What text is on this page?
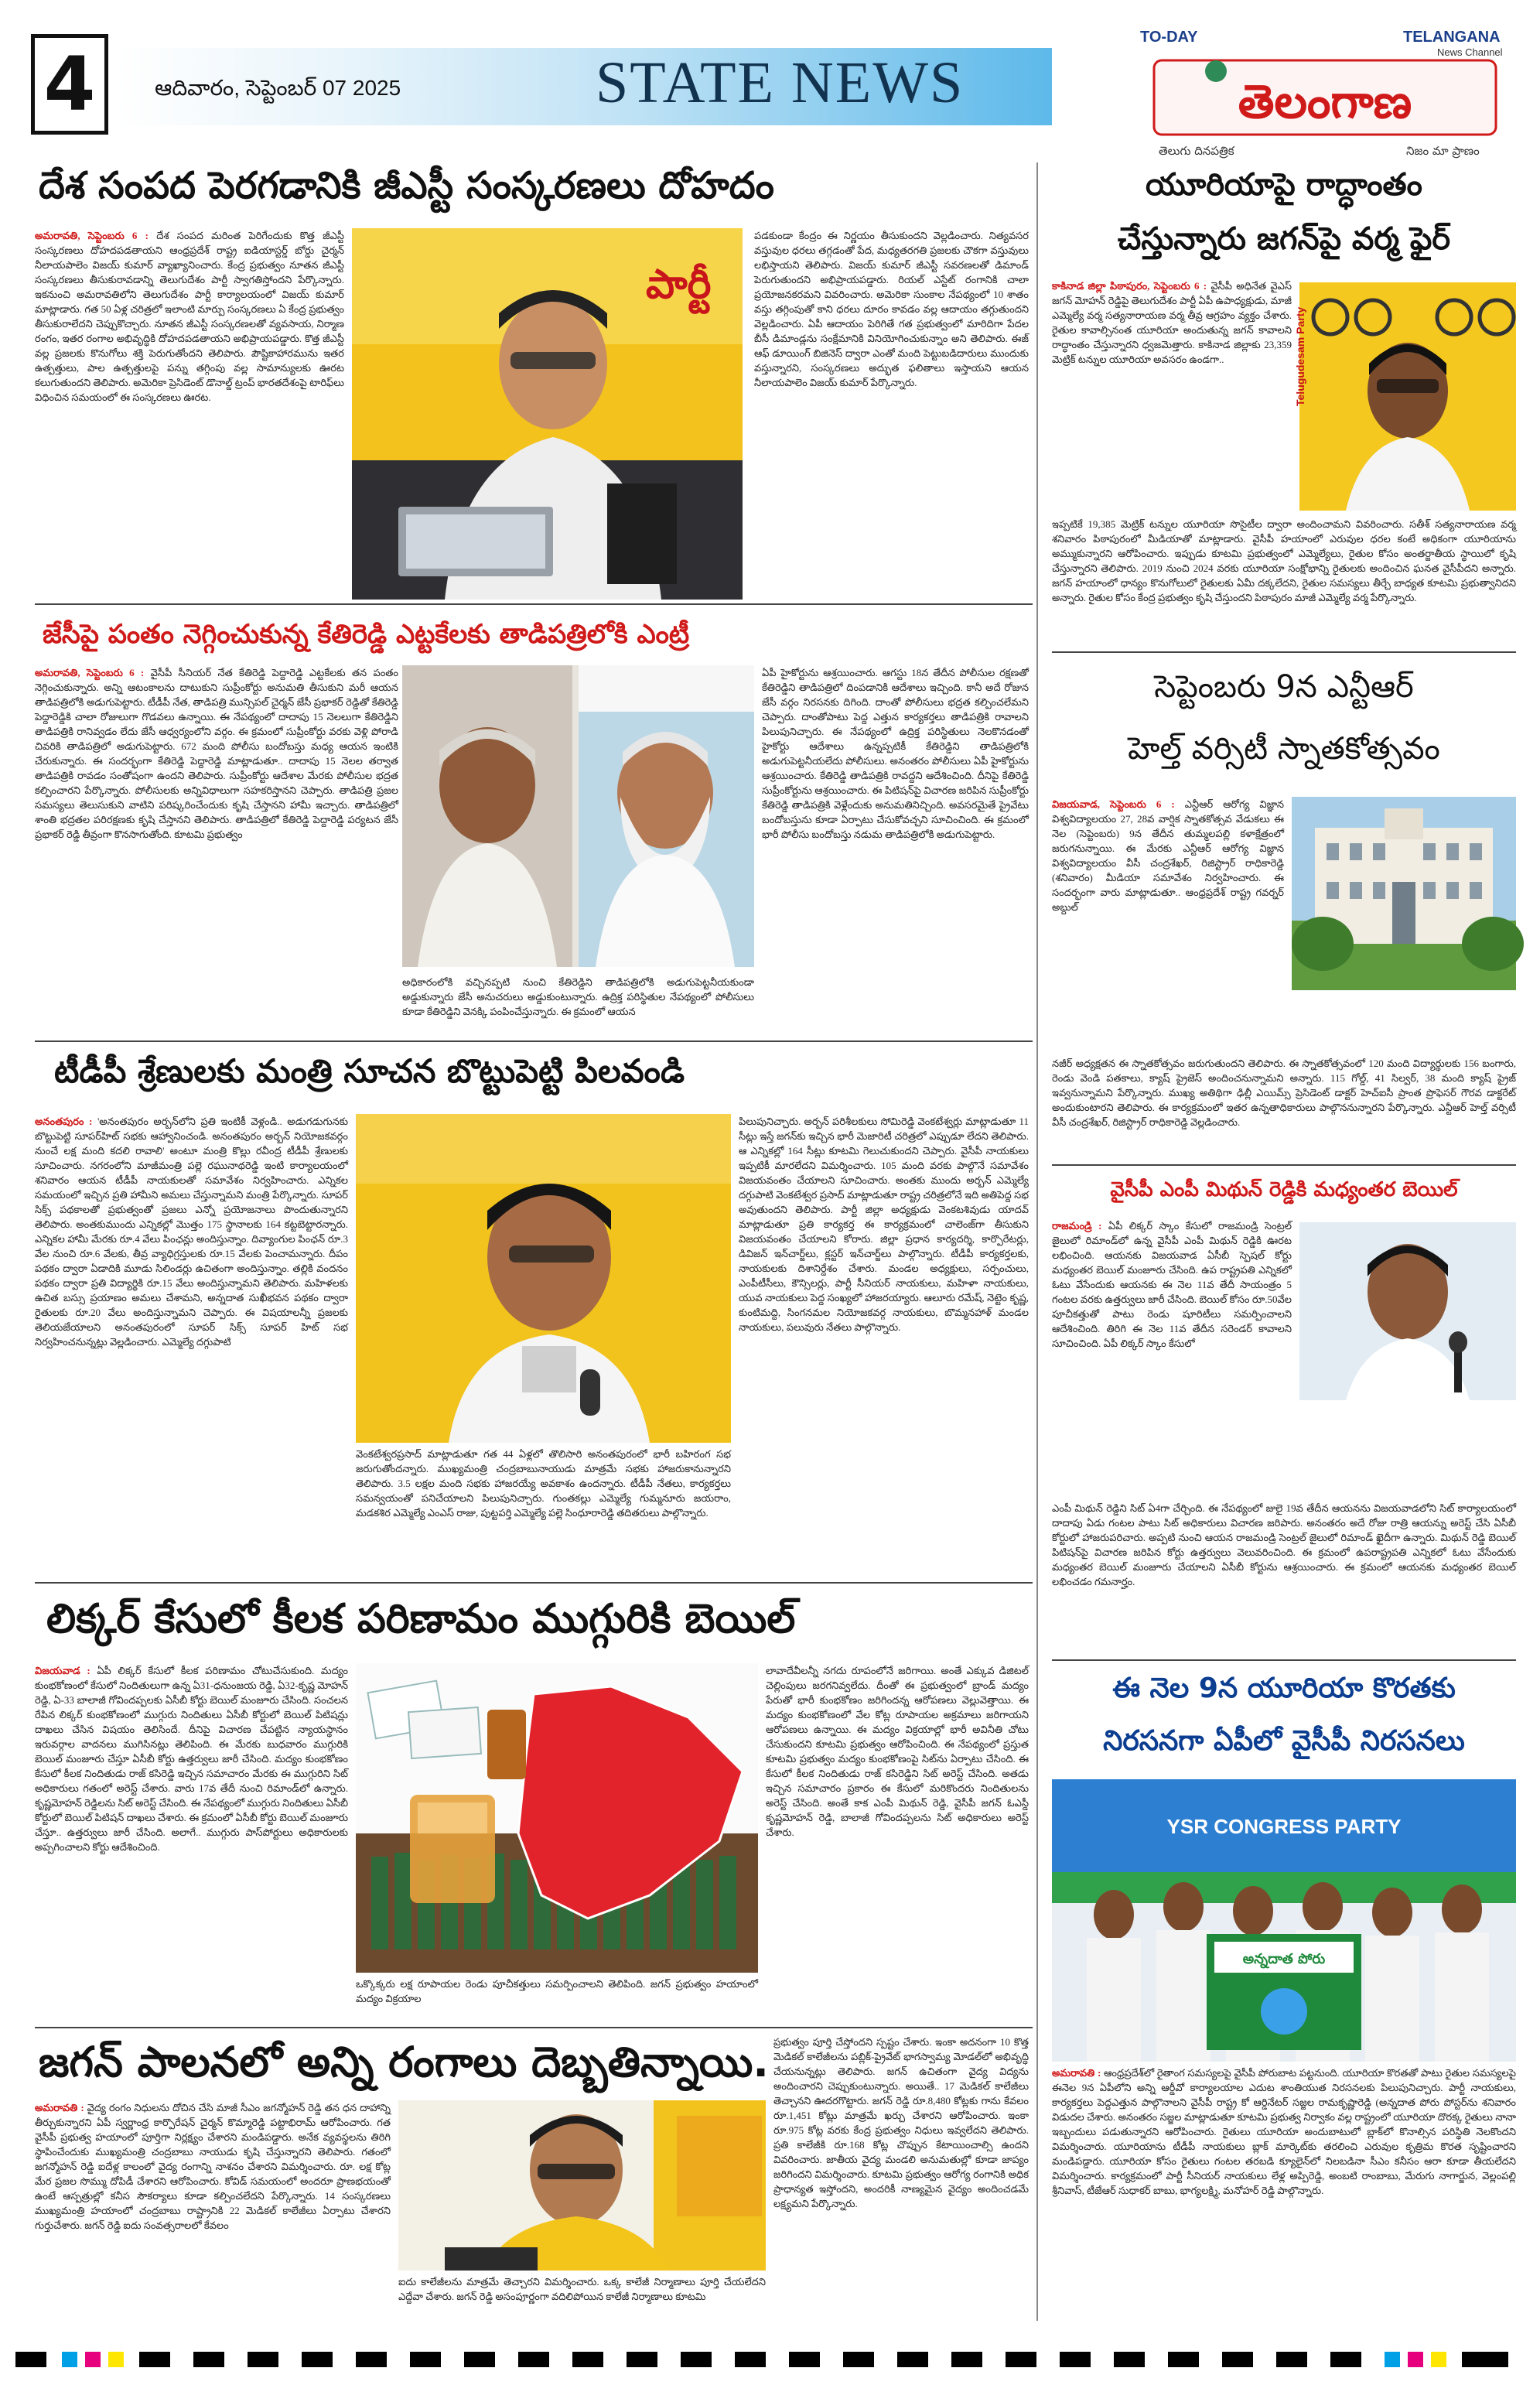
4	ఆదివారం, సెప్టెంబర్ 07 2025	STATE NEWS
TO-DAY	TELANGANA
News Channel
తెలంగాణ
తెలుగు దినపత్రిక	నిజం మా ప్రాణం
దేశ సంపద పెరగడానికి జీఎస్టీ సంస్కరణలు దోహదం
అమరావతి, సెప్టెంబరు 6 : దేశ సంపద మరింత పెరిగేందుకు కొత్త జీఎస్టీ సంస్కరణలు దోహదపడతాయని ఆంధ్రప్రదేశ్ రాష్ట్ర ఐడియాస్టర్డ్ బోర్డు చైర్మన్ నీలాయపాలెం విజయ్ కుమార్ వ్యాఖ్యానించారు. కేంద్ర ప్రభుత్వం నూతన జీఎస్టీ సంస్కరణలు తీసుకురావడాన్ని తెలుగుదేశం పార్టీ స్వాగతిస్తోందని పేర్కొన్నారు. ఇకనుంచి అమరావతిలోని తెలుగుదేశం పార్టీ కార్యాలయంలో విజయ్ కుమార్ మాట్లాడారు. గత 50 ఏళ్ల చరిత్రలో ఇలాంటి మార్పు సంస్కరణలు ఏ కేంద్ర ప్రభుత్వం తీసుకురాలేదని చెప్పుకొచ్చారు. నూతన జీఎస్టీ సంస్కరణలతో వ్యవసాయ, నిర్మాణ రంగం, ఇతర రంగాల అభివృద్ధికి దోహదపడతాయని అభిప్రాయపడ్డారు. కొత్త జీఎస్టీ వల్ల ప్రజలకు కొనుగోలు శక్తి పెరుగుతోందని తెలిపారు. పౌష్టికాహారమును ఇతర ఉత్పత్తులు, పాల ఉత్పత్తులపై పన్ను తగ్గింపు వల్ల సామాన్యులకు ఊరట కలుగుతుందని తెలిపారు. అమెరికా ప్రెసిడెంట్ డొనాల్డ్ ట్రంప్ భారతదేశంపై టారిఫ్‌లు విధించిన సమయంలో ఈ సంస్కరణలు ఊరట.
పార్టీ
పడకుండా కేంద్రం ఈ నిర్ణయం తీసుకుందని వెల్లడించారు. నిత్యవసర వస్తువుల ధరలు తగ్గడంతో పేద, మధ్యతరగతి ప్రజలకు చౌకగా వస్తువులు లభిస్తాయని తెలిపారు. విజయ్ కుమార్ జీఎస్టీ సవరణలతో డిమాండ్ పెరుగుతుందని అభిప్రాయపడ్డారు. రియల్ ఎస్టేట్ రంగానికి చాలా ప్రయోజనకరమని వివరించారు. అమెరికా సుంకాల నేపథ్యంలో 10 శాతం వస్తు తగ్గింపుతో కాని ధరలు దూరం కావడం వల్ల ఆదాయం తగ్గుతుందని వెల్లడించారు. ఏపీ ఆదాయం పెరిగితే గత ప్రభుత్వంలో మారిదిగా పేదల బీసీ డిమాండ్లను సంక్షేమానికి వినియోగించుకున్నాం అని తెలిపారు. ఈజ్ ఆఫ్ డూయింగ్ బిజినెస్ ద్వారా ఎంతో మంది పెట్టుబడిదారులు ముందుకు వస్తున్నారని, సంస్కరణలు అద్భుత ఫలితాలు ఇస్తాయని ఆయన నీలాయపాలెం విజయ్ కుమార్ పేర్కొన్నారు.
జేసీపై పంతం నెగ్గించుకున్న కేతిరెడ్డి ఎట్టకేలకు తాడిపత్రిలోకి ఎంట్రీ
అమరావతి, సెప్టెంబరు 6 : వైసీపీ సీనియర్ నేత కేతిరెడ్డి పెద్దారెడ్డి ఎట్టకేలకు తన పంతం నెగ్గించుకున్నారు. అన్ని ఆటంకాలను దాటుకుని సుప్రీంకోర్టు అనుమతి తీసుకుని మరీ ఆయన తాడిపత్రిలోకి అడుగుపెట్టారు. టీడీపీ నేత, తాడిపత్రి మున్సిపల్ చైర్మన్ జేసీ ప్రభాకర్ రెడ్డితో కేతిరెడ్డి పెద్దారెడ్డికి చాలా రోజులుగా గొడవలు ఉన్నాయి. ఈ నేపథ్యంలో దాదాపు 15 నెలలుగా కేతిరెడ్డిని తాడిపత్రికి రానివ్వడం లేదు జేసీ ఆధ్వర్యంలోని వర్గం. ఈ క్రమంలో సుప్రీంకోర్టు వరకు వెళ్లి పోరాడి చివరికి తాడిపత్రిలో అడుగుపెట్టారు. 672 మంది పోలీసు బందోబస్తు మధ్య ఆయన ఇంటికి చేరుకున్నారు. ఈ సందర్భంగా కేతిరెడ్డి పెద్దారెడ్డి మాట్లాడుతూ.. దాదాపు 15 నెలల తర్వాత తాడిపత్రికి రావడం సంతోషంగా ఉందని తెలిపారు. సుప్రీంకోర్టు ఆదేశాల మేరకు పోలీసుల భద్రత కల్పించారని పేర్కొన్నారు. పోలీసులకు అన్నివిధాలుగా సహకరిస్తానని చెప్పారు. తాడిపత్రి ప్రజల సమస్యలు తెలుసుకుని వాటిని పరిష్కరించేందుకు కృషి చేస్తానని హామీ ఇచ్చారు. తాడిపత్రిలో శాంతి భద్రతల పరిరక్షణకు కృషి చేస్తానని తెలిపారు. తాడిపత్రిలో కేతిరెడ్డి పెద్దారెడ్డి పర్యటన జేసీ ప్రభాకర్ రెడ్డి తీవ్రంగా కొనసాగుతోంది. కూటమి ప్రభుత్వం
అధికారంలోకి వచ్చినప్పటి నుంచి కేతిరెడ్డిని తాడిపత్రిలోకి అడుగుపెట్టనీయకుండా అడ్డుకున్నారు జేసీ అనుచరులు అడ్డుకుంటున్నారు. ఉద్రిక్త పరిస్థితుల నేపథ్యంలో పోలీసులు కూడా కేతిరెడ్డిని వెనక్కి పంపించేస్తున్నారు. ఈ క్రమంలో ఆయన
ఏపీ హైకోర్టును ఆశ్రయించారు. ఆగస్టు 18న తేదీన పోలీసుల రక్షణతో కేతిరెడ్డిని తాడిపత్రిలో దింపడానికి ఆదేశాలు ఇచ్చింది. కానీ అదే రోజున జేసీ వర్గం నిరసనకు దిగింది. దాంతో పోలీసులు భద్రత కల్పించలేమని చెప్పారు. దాంతోపాటు పెద్ద ఎత్తున కార్యకర్తలు తాడిపత్రికి రావాలని పిలుపునిచ్చారు. ఈ నేపథ్యంలో ఉద్రిక్త పరిస్థితులు నెలకొనడంతో హైకోర్టు ఆదేశాలు ఉన్నప్పటికీ కేతిరెడ్డిని తాడిపత్రిలోకి అడుగుపెట్టనీయలేదు పోలీసులు. అనంతరం పోలీసులు ఏపీ హైకోర్టును ఆశ్రయించారు. కేతిరెడ్డి తాడిపత్రికి రావద్దని ఆదేశించింది. దీనిపై కేతిరెడ్డి సుప్రీంకోర్టును ఆశ్రయించారు. ఈ పిటిషన్‌పై విచారణ జరిపిన సుప్రీంకోర్టు కేతిరెడ్డి తాడిపత్రికి వెళ్లేందుకు అనుమతినిచ్చింది. అవసరమైతే ప్రైవేటు బందోబస్తును కూడా ఏర్పాటు చేసుకోవచ్చని సూచించింది. ఈ క్రమంలో భారీ పోలీసు బందోబస్తు నడుమ తాడిపత్రిలోకి అడుగుపెట్టారు.
టీడీపీ శ్రేణులకు మంత్రి సూచన బొట్టుపెట్టి పిలవండి
అనంతపురం : 'అనంతపురం అర్బన్‌లోని ప్రతి ఇంటికీ వెళ్లండి.. అడుగడుగునకు బొట్టుపెట్టి సూపర్‌హిట్ సభకు ఆహ్వానించండి. అనంతపురం అర్బన్ నియోజకవర్గం నుంచే లక్ష మంది కదలి రావాలి' అంటూ మంత్రి కొల్లు రవీంద్ర టీడీపీ శ్రేణులకు సూచించారు. నగరంలోని మాజీమంత్రి పల్లె రఘునాథరెడ్డి ఇంటి కార్యాలయంలో శనివారం ఆయన టీడీపీ నాయకులతో సమావేశం నిర్వహించారు. ఎన్నికల సమయంలో ఇచ్చిన ప్రతి హామీని అమలు చేస్తున్నామని మంత్రి పేర్కొన్నారు. సూపర్ సిక్స్ పథకాలతో ప్రభుత్వంతో ప్రజలు ఎన్నో ప్రయోజనాలు పొందుతున్నారని తెలిపారు. అంతకుముందు ఎన్నికల్లో మొత్తం 175 స్థానాలకు 164 కట్టబెట్టారన్నారు. ఎన్నికల హామీ మేరకు రూ.4 వేలు పింఛన్లు అందిస్తున్నాం. దివ్యాంగుల పింఛన్ రూ.3 వేల నుంచి రూ.6 వేలకు, తీవ్ర వ్యాధిగ్రస్తులకు రూ.15 వేలకు పెంచామన్నారు. దీపం పథకం ద్వారా ఏడాదికి మూడు సిలిండర్లు ఉచితంగా అందిస్తున్నాం. తల్లికి వందనం పథకం ద్వారా ప్రతి విద్యార్థికి రూ.15 వేలు అందిస్తున్నామని తెలిపారు. మహిళలకు ఉచిత బస్సు ప్రయాణం అమలు చేశామని, అన్నదాత సుఖీభవన పథకం ద్వారా రైతులకు రూ.20 వేలు అందిస్తున్నామని చెప్పారు. ఈ విషయాలన్నీ ప్రజలకు తెలియజేయాలని అనంతపురంలో సూపర్ సిక్స్ సూపర్ హిట్ సభ నిర్వహించనున్నట్లు వెల్లడించారు. ఎమ్మెల్యే దగ్గుపాటి
వెంకటేశ్వరప్రసాద్ మాట్లాడుతూ గత 44 ఏళ్లలో తొలిసారి అనంతపురంలో భారీ బహిరంగ సభ జరుగుతోందన్నారు. ముఖ్యమంత్రి చంద్రబాబునాయుడు మాత్రమే సభకు హాజరుకానున్నారని తెలిపారు. 3.5 లక్షల మంది సభకు హాజరయ్యే అవకాశం ఉందన్నారు. టీడీపీ నేతలు, కార్యకర్తలు సమన్వయంతో పనిచేయాలని పిలుపునిచ్చారు. గుంతకల్లు ఎమ్మెల్యే గుమ్మనూరు జయరాం, మడకశిర ఎమ్మెల్యే ఎంఎస్ రాజు, పుట్టపర్తి ఎమ్మెల్యే పల్లె సింధూరారెడ్డి తదితరులు పాల్గొన్నారు.
పిలుపునిచ్చారు. అర్బన్ పరిశీలకులు సోమిరెడ్డి వెంకటేశ్వర్లు మాట్లాడుతూ 11 సీట్లు ఇస్తే జగన్‌కు ఇచ్చిన భారీ మెజారిటీ చరిత్రలో ఎప్పుడూ లేదని తెలిపారు. ఆ ఎన్నికల్లో 164 సీట్లు కూటమి గెలుచుకుందని చెప్పారు. వైసీపీ నాయకులు ఇప్పటికీ మారలేదని విమర్శించారు. 105 మంది వరకు పాల్గొనే సమావేశం విజయవంతం చేయాలని సూచించారు. అంతకు ముందు అర్బన్ ఎమ్మెల్యే దగ్గుపాటి వెంకటేశ్వర ప్రసాద్ మాట్లాడుతూ రాష్ట్ర చరిత్రలోనే ఇది అతిపెద్ద సభ అవుతుందని తెలిపారు. పార్టీ జిల్లా అధ్యక్షుడు వెంకటశివుడు యాదవ్ మాట్లాడుతూ ప్రతి కార్యకర్త ఈ కార్యక్రమంలో చాలెంజ్‌గా తీసుకుని విజయవంతం చేయాలని కోరారు. జిల్లా ప్రధాన కార్యదర్శి, కార్పొరేటర్లు, డివిజన్ ఇన్‌చార్జ్‌లు, క్లస్టర్ ఇన్‌చార్జ్‌లు పాల్గొన్నారు. టీడీపీ కార్యకర్తలకు, నాయకులకు దిశానిర్దేశం చేశారు. మండల అధ్యక్షులు, సర్పంచులు, ఎంపీటీసీలు, కౌన్సిలర్లు, పార్టీ సీనియర్ నాయకులు, మహిళా నాయకులు, యువ నాయకులు పెద్ద సంఖ్యలో హాజరయ్యారు. ఆలూరు రమేష్, నెట్టెం కృష్ణ, కుంటిమద్ది, సింగనమల నియోజకవర్గ నాయకులు, బొమ్మనహాళ్ మండల నాయకులు, పలువురు నేతలు పాల్గొన్నారు.
లిక్కర్ కేసులో కీలక పరిణామం ముగ్గురికి బెయిల్
విజయవాడ : ఏపీ లిక్కర్ కేసులో కీలక పరిణామం చోటుచేసుకుంది. మద్యం కుంభకోణంలో కేసులో నిందితులుగా ఉన్న ఏ31-ధనుంజయ రెడ్డి, ఏ32-కృష్ణ మోహన్ రెడ్డి, ఏ-33 బాలాజీ గోవిందప్పలకు ఏసీబీ కోర్టు బెయిల్ మంజూరు చేసింది. సంచలన రేపిన లిక్కర్ కుంభకోణంలో ముగ్గురు నిందితులు ఏసీబీ కోర్టులో బెయిల్ పిటిషన్లు దాఖలు చేసిన విషయం తెలిసిందే. దీనిపై విచారణ చేపట్టిన న్యాయస్థానం ఇరువర్గాల వాదనలు ముగిసినట్లు తెలిపింది. ఈ మేరకు బుధవారం ముగ్గురికి బెయిల్ మంజూరు చేస్తూ ఏసీబీ కోర్టు ఉత్తర్వులు జారీ చేసింది. మద్యం కుంభకోణం కేసులో కీలక నిందితుడు రాజ్ కసిరెడ్డి ఇచ్చిన సమాచారం మేరకు ఈ ముగ్గురిని సిట్ అధికారులు గతంలో అరెస్ట్ చేశారు. వారు 17వ తేదీ నుంచి రిమాండ్‌లో ఉన్నారు. కృష్ణమోహన్ రెడ్డిలను సిట్ అరెస్ట్ చేసింది. ఈ నేపథ్యంలో ముగ్గురు నిందితులు ఏసీబీ కోర్టులో బెయిల్ పిటిషన్ దాఖలు చేశారు. ఈ క్రమంలో ఏసీబీ కోర్టు బెయిల్ మంజూరు చేస్తూ.. ఉత్తర్వులు జారీ చేసింది. అలాగే.. ముగ్గురు పాస్‌పోర్టులు అధికారులకు అప్పగించాలని కోర్టు ఆదేశించింది.
ఒక్కొక్కరు లక్ష రూపాయల రెండు పూచీకత్తులు సమర్పించాలని తెలిపింది. జగన్ ప్రభుత్వం హయాంలో మద్యం విక్రయాల
లావాదేవీలన్నీ నగదు రూపంలోనే జరిగాయి. అంతే ఎక్కువ డిజిటల్ చెల్లింపులు జరగనివ్వలేదు. దీంతో ఈ ప్రభుత్వంలో బ్రాండ్ మద్యం పేరుతో భారీ కుంభకోణం జరిగిందన్న ఆరోపణలు వెల్లువెత్తాయి. ఈ మద్యం కుంభకోణంలో వేల కోట్ల రూపాయల అక్రమాలు జరిగాయని ఆరోపణలు ఉన్నాయి. ఈ మద్యం విక్రయాల్లో భారీ అవినీతి చోటు చేసుకుందని కూటమి ప్రభుత్వం ఆరోపించింది. ఈ నేపథ్యంలో ప్రస్తుత కూటమి ప్రభుత్వం మద్యం కుంభకోణంపై సిట్‌ను ఏర్పాటు చేసింది. ఈ కేసులో కీలక నిందితుడు రాజ్ కసిరెడ్డిని సిట్ అరెస్ట్ చేసింది. అతడు ఇచ్చిన సమాచారం ప్రకారం ఈ కేసులో మరికొందరు నిందితులను అరెస్ట్ చేసింది. అంతే కాక ఎంపీ మిథున్ రెడ్డి, వైసీపీ జగన్ ఓఎస్డీ కృష్ణమోహన్ రెడ్డి, బాలాజీ గోవిందప్పలను సిట్ అధికారులు అరెస్ట్ చేశారు.
జగన్ పాలనలో అన్ని రంగాలు దెబ్బతిన్నాయి.
అమరావతి : వైద్య రంగం నిధులను దోచిన చేసి మాజీ సీఎం జగన్మోహన్ రెడ్డి తన ధన దాహాన్ని తీర్చుకున్నారని ఏపీ స్వర్ణాంధ్ర కార్పొరేషన్ చైర్మన్ కొమ్మారెడ్డి పట్టాభిరామ్ ఆరోపించారు. గత వైసీపీ ప్రభుత్వ హయాంలో పూర్తిగా నిర్లక్ష్యం చేశారని మండిపడ్డారు. అనేక వ్యవస్థలను తిరిగి స్థాపించేందుకు ముఖ్యమంత్రి చంద్రబాబు నాయుడు కృషి చేస్తున్నారని తెలిపారు. గతంలో జగన్మోహన్ రెడ్డి ఐదేళ్ల కాలంలో వైద్య రంగాన్ని నాశనం చేశారని విమర్శించారు. రూ. లక్ష కోట్ల మేర ప్రజల సొమ్ము దోపిడీ చేశారని ఆరోపించారు. కోవిడ్ సమయంలో అందరూ ప్రాణభయంతో ఉంటే ఆస్పత్రుల్లో కనీస సౌకర్యాలు కూడా కల్పించలేదని పేర్కొన్నారు. 14 సంస్కరణలు ముఖ్యమంత్రి హయాంలో చంద్రబాబు రాష్ట్రానికి 22 మెడికల్ కాలేజీలు ఏర్పాటు చేశారని గుర్తుచేశారు. జగన్ రెడ్డి ఐదు సంవత్సరాలలో కేవలం
ఐదు కాలేజీలను మాత్రమే తెచ్చారని విమర్శించారు. ఒక్క కాలేజీ నిర్మాణాలు పూర్తి చేయలేదని ఎద్దేవా చేశారు. జగన్ రెడ్డి అసంపూర్ణంగా వదిలిపోయిన కాలేజీ నిర్మాణాలు కూటమి
ప్రభుత్వం పూర్తి చేస్తోందని స్పష్టం చేశారు. ఇంకా అదనంగా 10 కొత్త మెడికల్ కాలేజీలను పబ్లిక్-ప్రైవేట్ భాగస్వామ్య మోడల్‌లో అభివృద్ధి చేయనున్నట్లు తెలిపారు. జగన్ ఉచితంగా వైద్య విద్యను అందించారని చెప్పుకుంటున్నారు. అయితే.. 17 మెడికల్ కాలేజీలు తెచ్చానని ఊదరగొట్టారు. జగన్ రెడ్డి రూ.8,480 కోట్లకు గాను కేవలం రూ.1,451 కోట్లు మాత్రమే ఖర్చు చేశారని ఆరోపించారు. ఇంకా రూ.975 కోట్ల వరకు కేంద్ర ప్రభుత్వం నిధులు ఇవ్వలేదని తెలిపారు. ప్రతి కాలేజీకి రూ.168 కోట్ల చొప్పున కేటాయించాల్సి ఉందని వివరించారు. జాతీయ వైద్య మండలి అనుమతుల్లో కూడా జాప్యం జరిగిందని విమర్శించారు. కూటమి ప్రభుత్వం ఆరోగ్య రంగానికి అధిక ప్రాధాన్యత ఇస్తోందని, అందరికీ నాణ్యమైన వైద్యం అందించడమే లక్ష్యమని పేర్కొన్నారు.
యూరియాపై రాద్ధాంతం
చేస్తున్నారు జగన్‌పై వర్మ ఫైర్
కాకినాడ జిల్లా పిఠాపురం, సెప్టెంబరు 6 : వైసీపీ అధినేత వైఎస్ జగన్ మోహన్ రెడ్డిపై తెలుగుదేశం పార్టీ ఏపీ ఉపాధ్యక్షుడు, మాజీ ఎమ్మెల్యే వర్మ సత్యనారాయణ వర్మ తీవ్ర ఆగ్రహం వ్యక్తం చేశారు. రైతుల కావాల్సినంత యూరియా అందుతున్న జగన్ కావాలని రాద్ధాంతం చేస్తున్నారని ధ్వజమెత్తారు. కాకినాడ జిల్లాకు 23,359 మెట్రిక్ టన్నుల యూరియా అవసరం ఉండగా..	Telugudesam Party
ఇప్పటికే 19,385 మెట్రిక్ టన్నుల యూరియా సొసైటీల ద్వారా అందించామని వివరించారు. సతీశ్ సత్యనారాయణ వర్మ శనివారం పిఠాపురంలో మీడియాతో మాట్లాడారు. వైసీపీ హయాంలో ఎరువుల ధరల కంటే అధికంగా యూరియాను అమ్ముకున్నారని ఆరోపించారు. ఇప్పుడు కూటమి ప్రభుత్వంలో ఎమ్మెల్యేలు, రైతుల కోసం అంతర్జాతీయ స్థాయిలో కృషి చేస్తున్నారని తెలిపారు. 2019 నుంచి 2024 వరకు యూరియా సంక్షోభాన్ని రైతులకు అందించిన ఘనత వైసీపీదని అన్నారు. జగన్ హయాంలో ధాన్యం కొనుగోలులో రైతులకు ఏమీ దక్కలేదని, రైతుల సమస్యలు తీర్చే బాధ్యత కూటమి ప్రభుత్వానిదని అన్నారు. రైతుల కోసం కేంద్ర ప్రభుత్వం కృషి చేస్తుందని పిఠాపురం మాజీ ఎమ్మెల్యే వర్మ పేర్కొన్నారు.
సెప్టెంబరు 9న ఎన్టీఆర్
హెల్త్ వర్సిటీ స్నాతకోత్సవం
విజయవాడ, సెప్టెంబరు 6 : ఎన్టీఆర్ ఆరోగ్య విజ్ఞాన విశ్వవిద్యాలయం 27, 28వ వార్షిక స్నాతకోత్సవ వేడుకలు ఈ నెల (సెప్టెంబరు) 9న తేదీన తుమ్మలపల్లి కళాక్షేత్రంలో జరుగనున్నాయి. ఈ మేరకు ఎన్టీఆర్ ఆరోగ్య విజ్ఞాన విశ్వవిద్యాలయం వీసీ చంద్రశేఖర్, రిజిస్ట్రార్ రాధికారెడ్డి (శనివారం) మీడియా సమావేశం నిర్వహించారు. ఈ సందర్భంగా వారు మాట్లాడుతూ.. ఆంధ్రప్రదేశ్ రాష్ట్ర గవర్నర్ అబ్దుల్
నజీర్ అధ్యక్షతన ఈ స్నాతకోత్సవం జరుగుతుందని తెలిపారు. ఈ స్నాతకోత్సవంలో 120 మంది విద్యార్థులకు 156 బంగారు, రెండు వెండి పతకాలు, క్యాష్ ప్రైజెస్ అందించనున్నామని అన్నారు. 115 గోల్డ్, 41 సిల్వర్, 38 మంది క్యాష్ ప్రైజ్ ఇవ్వనున్నామని పేర్కొన్నారు. ముఖ్య అతిథిగా ఢిల్లీ ఎయిమ్స్ ప్రెసిడెంట్ డాక్టర్ హెచ్ఐసీ ప్రాంత ప్రొఫెసర్ గౌరవ డాక్టరేట్ అందుకుంటారని తెలిపారు. ఈ కార్యక్రమంలో ఇతర ఉన్నతాధికారులు పాల్గొననున్నారని పేర్కొన్నారు. ఎన్టీఆర్ హెల్త్ వర్సిటీ వీసీ చంద్రశేఖర్, రిజిస్ట్రార్ రాధికారెడ్డి వెల్లడించారు.
వైసీపీ ఎంపీ మిథున్ రెడ్డికి మధ్యంతర బెయిల్
రాజమండ్రి : ఏపీ లిక్కర్ స్కాం కేసులో రాజమండ్రి సెంట్రల్ జైలులో రిమాండ్‌లో ఉన్న వైసీపీ ఎంపీ మిథున్ రెడ్డికి ఊరట లభించింది. ఆయనకు విజయవాడ ఏసీబీ స్పెషల్ కోర్టు మధ్యంతర బెయిల్ మంజూరు చేసింది. ఉప రాష్ట్రపతి ఎన్నికలో ఓటు వేసేందుకు ఆయనకు ఈ నెల 11వ తేదీ సాయంత్రం 5 గంటల వరకు ఉత్తర్వులు జారీ చేసింది. బెయిల్ కోసం రూ.50వేల పూచీకత్తుతో పాటు రెండు షూరిటీలు సమర్పించాలని ఆదేశించింది. తిరిగి ఈ నెల 11వ తేదీన సరెండర్ కావాలని సూచించింది. ఏపీ లిక్కర్ స్కాం కేసులో
ఎంపీ మిథున్ రెడ్డిని సిట్ ఏ4గా చేర్చింది. ఈ నేపథ్యంలో జులై 19వ తేదీన ఆయనను విజయవాడలోని సిట్ కార్యాలయంలో దాదాపు ఏడు గంటల పాటు సిట్ అధికారులు విచారణ జరిపారు. అనంతరం అదే రోజు రాత్రి ఆయన్ను అరెస్ట్ చేసి ఏసీబీ కోర్టులో హాజరుపరిచారు. అప్పటి నుంచి ఆయన రాజమండ్రి సెంట్రల్ జైలులో రిమాండ్ ఖైదీగా ఉన్నారు. మిథున్ రెడ్డి బెయిల్ పిటిషన్‌పై విచారణ జరిపిన కోర్టు ఉత్తర్వులు వెలువరించింది. ఈ క్రమంలో ఉపరాష్ట్రపతి ఎన్నికలో ఓటు వేసేందుకు మధ్యంతర బెయిల్ మంజూరు చేయాలని ఏసీబీ కోర్టును ఆశ్రయించారు. ఈ క్రమంలో ఆయనకు మధ్యంతర బెయిల్ లభించడం గమనార్హం.
ఈ నెల 9న యూరియా కొరతకు
నిరసనగా ఏపీలో వైసీపీ నిరసనలు
YSR CONGRESS PARTY
అన్నదాత పోరు
అమరావతి : ఆంధ్రప్రదేశ్‌లో రైతాంగ సమస్యలపై వైసీపీ పోరుబాట పట్టనుంది. యూరియా కొరతతో పాటు రైతుల సమస్యలపై ఈనెల 9న ఏపీలోని అన్ని ఆర్డీవో కార్యాలయాల ఎదుట శాంతియుత నిరసనలకు పిలుపునిచ్చారు. పార్టీ నాయకులు, కార్యకర్తలు పెద్దఎత్తున పాల్గొనాలని వైసీపీ రాష్ట్ర కో ఆర్డినేటర్ సజ్జల రామకృష్ణారెడ్డి (అన్నదాత పోరు పోస్టర్‌ను శనివారం విడుదల చేశారు. అనంతరం సజ్జల మాట్లాడుతూ కూటమి ప్రభుత్వ నిర్వాకం వల్ల రాష్ట్రంలో యూరియా దొరక్క రైతులు నానా ఇబ్బందులు పడుతున్నారని ఆరోపించారు. రైతులు యూరియా అందుబాటులో బ్లాక్‌లో కొనాల్సిన పరిస్థితి నెలకొందని విమర్శించారు. యూరియాను టీడీపీ నాయకులు బ్లాక్ మార్కెట్‌కు తరలించి ఎరువుల కృత్రిమ కొరత సృష్టించారని మండిపడ్డారు. యూరియా కోసం రైతులు గంటల తరబడి క్యూలైన్‌లో నిలబడినా సీఎం కనీసం ఆరా కూడా తీయలేదని విమర్శించారు. కార్యక్రమంలో పార్టీ సీనియర్ నాయకులు లేళ్ల అప్పిరెడ్డి, అంబటి రాంబాబు, మేరుగు నాగార్జున, వెల్లంపల్లి శ్రీనివాస్, టీజేఆర్ సుధాకర్ బాబు, భాగ్యలక్ష్మి, మనోహర్ రెడ్డి పాల్గొన్నారు.
